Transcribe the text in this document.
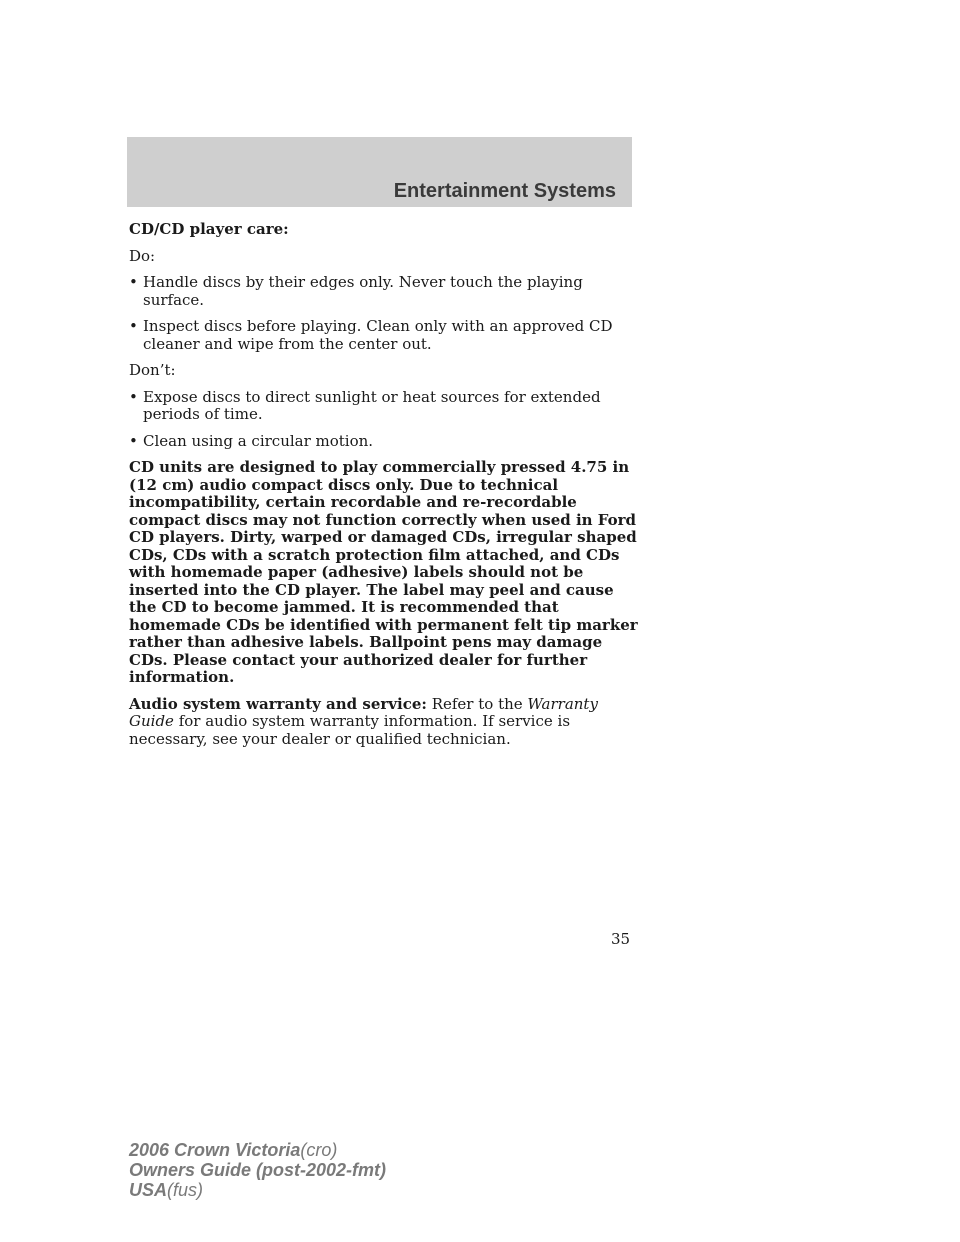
Entertainment Systems

CD/CD player care:

Do:

• Handle discs by their edges only. Never touch the playing surface.
• Inspect discs before playing. Clean only with an approved CD cleaner and wipe from the center out.

Don’t:

• Expose discs to direct sunlight or heat sources for extended periods of time.
• Clean using a circular motion.

CD units are designed to play commercially pressed 4.75 in (12 cm) audio compact discs only. Due to technical incompatibility, certain recordable and re-recordable compact discs may not function correctly when used in Ford CD players. Dirty, warped or damaged CDs, irregular shaped CDs, CDs with a scratch protection film attached, and CDs with homemade paper (adhesive) labels should not be inserted into the CD player. The label may peel and cause the CD to become jammed. It is recommended that homemade CDs be identified with permanent felt tip marker rather than adhesive labels. Ballpoint pens may damage CDs. Please contact your authorized dealer for further information.

Audio system warranty and service: Refer to the Warranty Guide for audio system warranty information. If service is necessary, see your dealer or qualified technician.

35
2006 Crown Victoria(cro)
Owners Guide (post-2002-fmt)
USA(fus)
